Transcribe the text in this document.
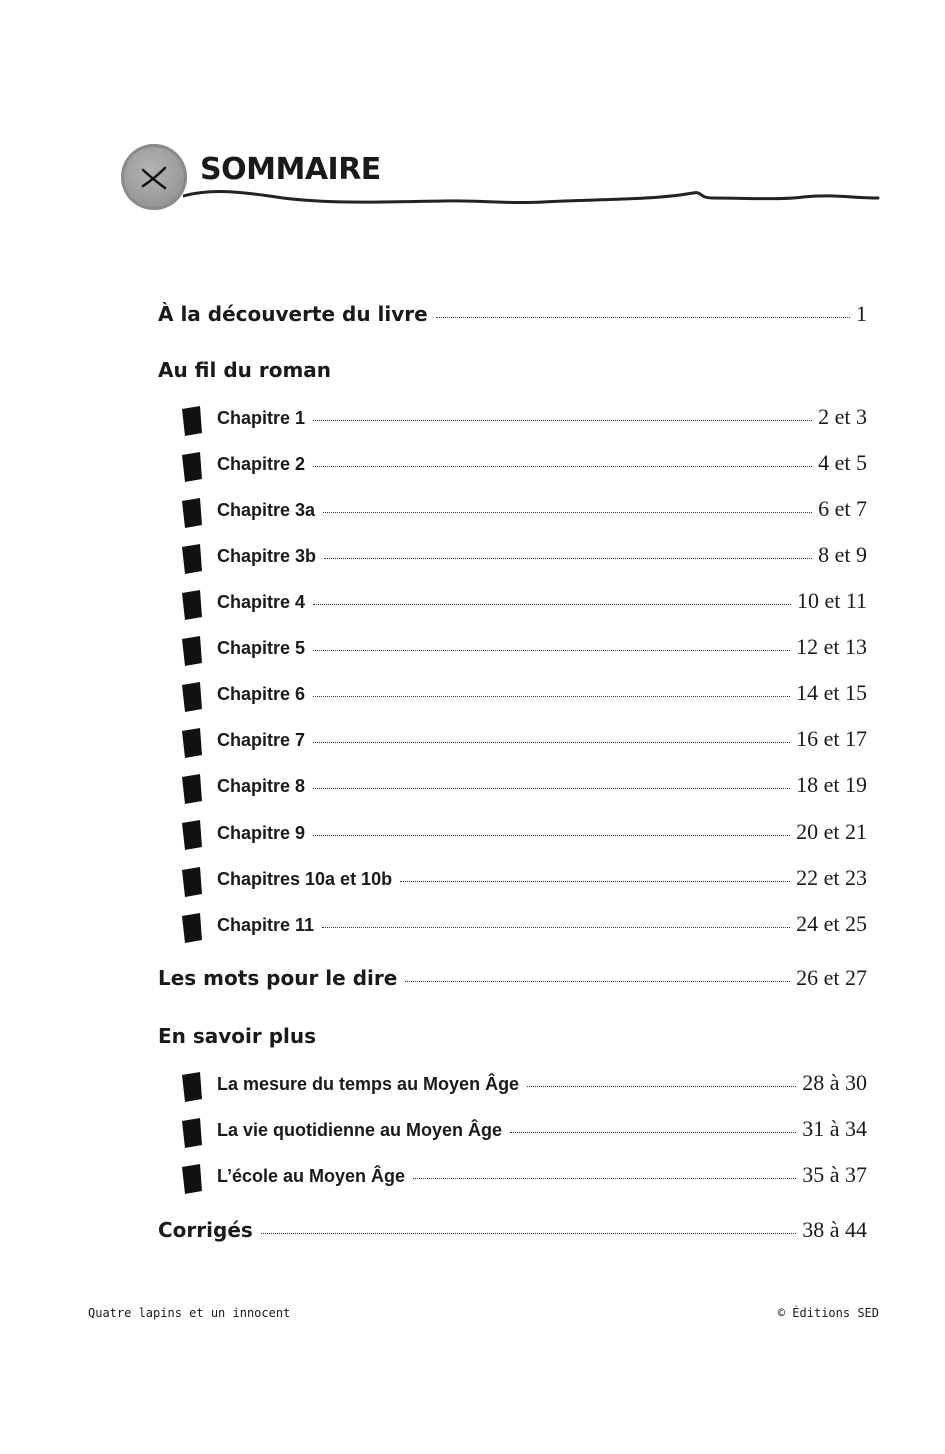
SOMMAIRE
À la découverte du livre	1
Au fil du roman
Chapitre 1	2 et 3
Chapitre 2	4 et 5
Chapitre 3a	6 et 7
Chapitre 3b	8 et 9
Chapitre 4	10 et 11
Chapitre 5	12 et 13
Chapitre 6	14 et 15
Chapitre 7	16 et 17
Chapitre 8	18 et 19
Chapitre 9	20 et 21
Chapitres 10a et 10b	22 et 23
Chapitre 11	24 et 25
Les mots pour le dire	26 et 27
En savoir plus
La mesure du temps au Moyen Âge	28 à 30
La vie quotidienne au Moyen Âge	31 à 34
L’école au Moyen Âge	35 à 37
Corrigés	38 à 44

Quatre lapins et un innocent	© Éditions SED
